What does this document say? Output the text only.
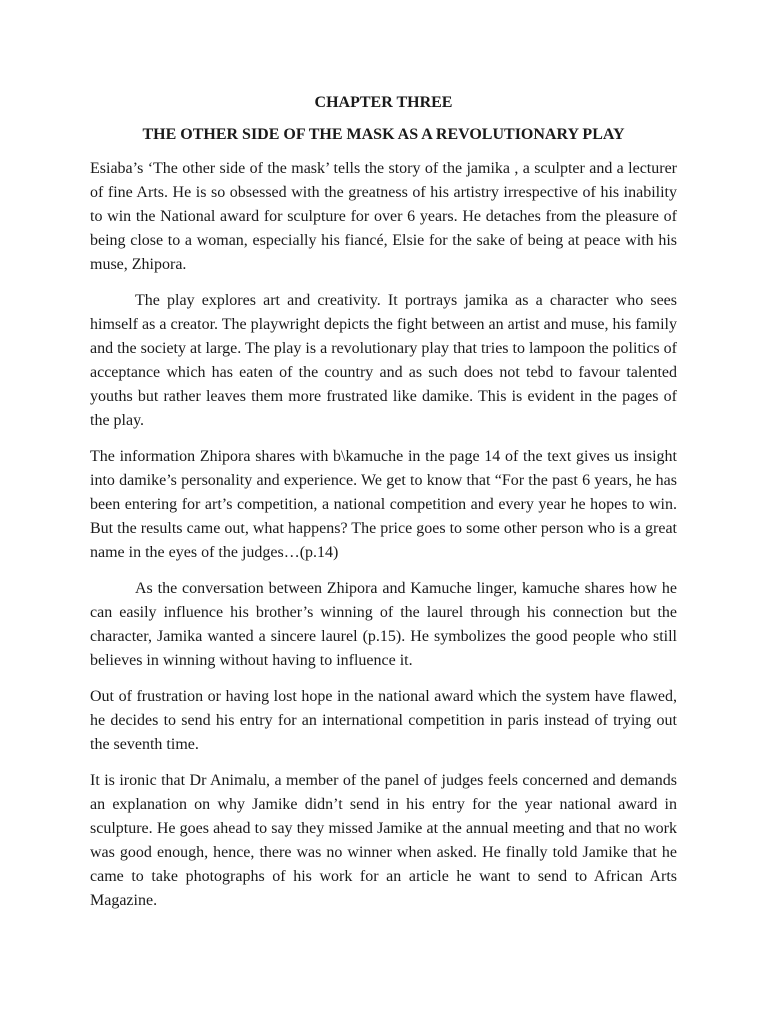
CHAPTER THREE

THE OTHER SIDE OF THE MASK AS A REVOLUTIONARY PLAY

Esiaba’s ‘The other side of the mask’ tells the story of the jamika , a sculpter and a lecturer of fine Arts. He is so obsessed with the greatness of his artistry irrespective of his inability to win the National award for sculpture for over 6 years. He detaches from the pleasure of being close to a woman, especially his fiancé, Elsie for the sake of being at peace with his muse, Zhipora.

The play explores art and creativity. It portrays jamika as a character who sees himself as a creator. The playwright depicts the fight between an artist and muse, his family and the society at large. The play is a revolutionary play that tries to lampoon the politics of acceptance which has eaten of the country and as such does not tebd to favour talented youths but rather leaves them more frustrated like damike. This is evident in the pages of the play.

The information Zhipora shares with b\kamuche in the page 14 of the text gives us insight into damike’s personality and experience. We get to know that “For the past 6 years, he has been entering for art’s competition, a national competition and every year he hopes to win. But the results came out, what happens? The price goes to some other person who is a great name in the eyes of the judges…(p.14)

As the conversation between Zhipora and Kamuche linger, kamuche shares how he can easily influence his brother’s winning of the laurel through his connection but the character, Jamika wanted a sincere laurel (p.15). He symbolizes the good people who still believes in winning without having to influence it.

Out of frustration or having lost hope in the national award which the system have flawed, he decides to send his entry for an international competition in paris instead of trying out the seventh time.

It is ironic that Dr Animalu, a member of the panel of judges feels concerned and demands an explanation on why Jamike didn’t send in his entry for the year national award in sculpture. He goes ahead to say they missed Jamike at the annual meeting and that no work was good enough, hence, there was no winner when asked. He finally told Jamike that he came to take photographs of his work for an article he want to send to African Arts Magazine.
